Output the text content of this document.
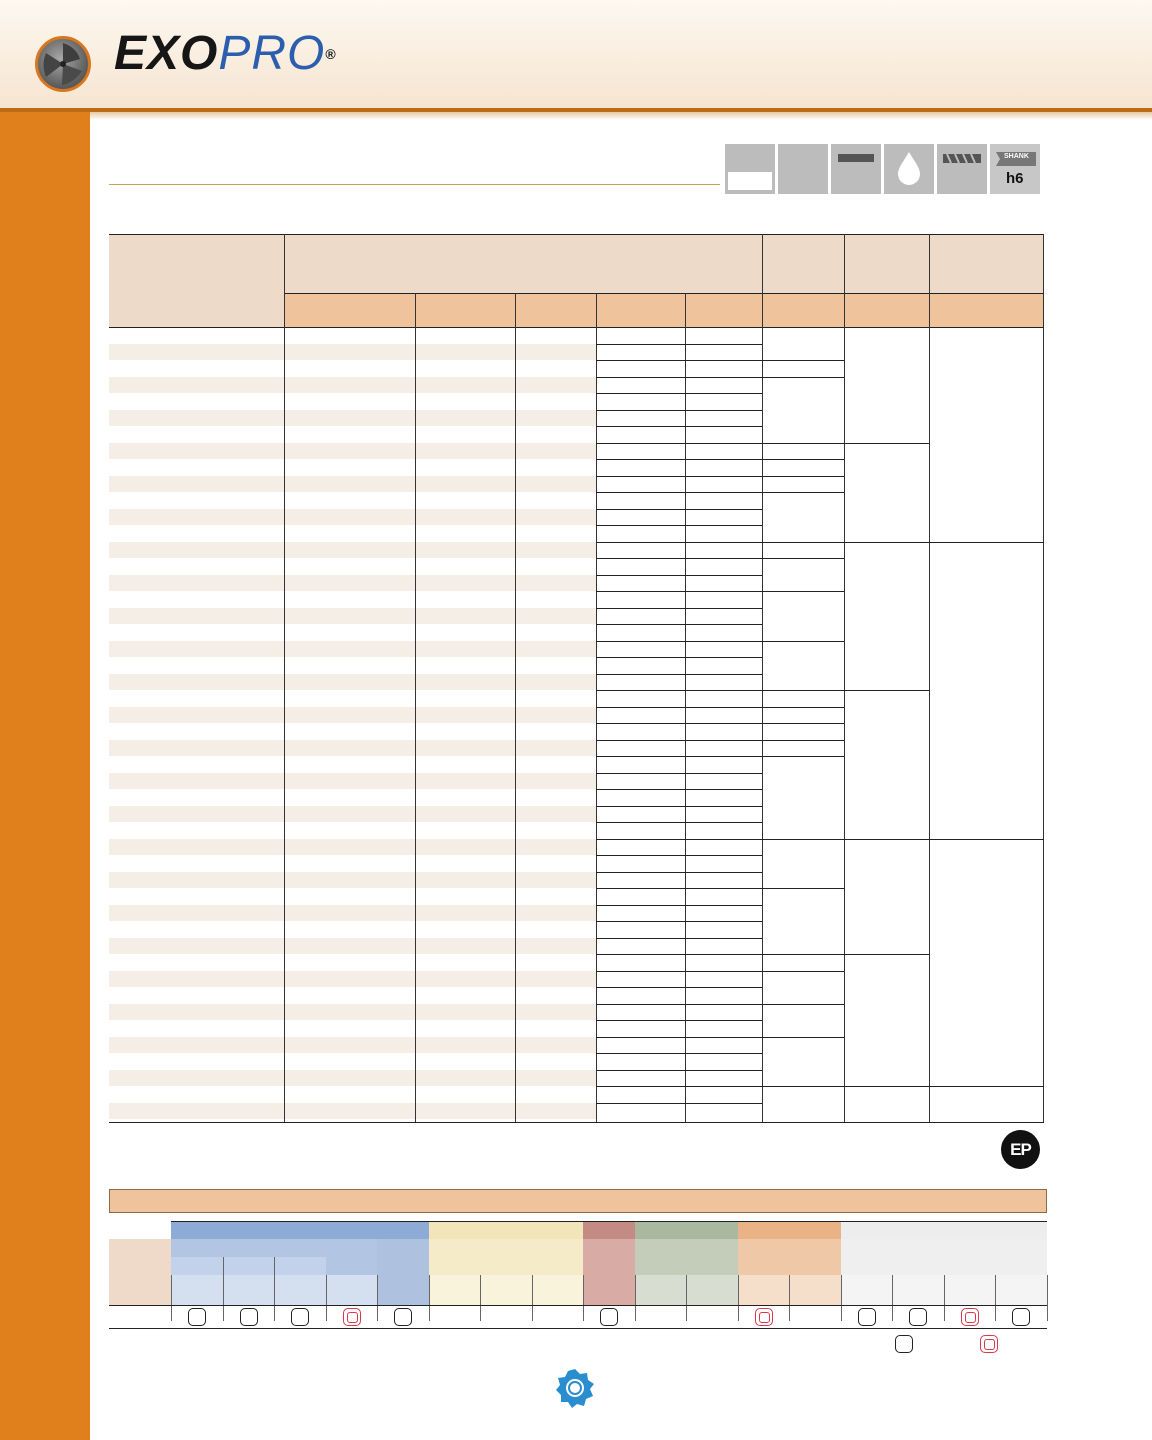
EXOPRO®
SHANK
h6
EP
